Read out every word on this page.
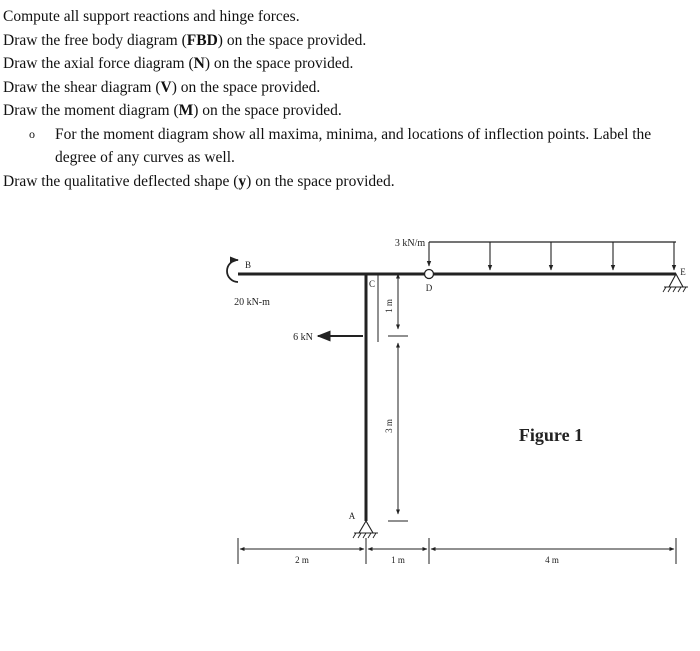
Compute all support reactions and hinge forces.
Draw the free body diagram (FBD) on the space provided.
Draw the axial force diagram (N) on the space provided.
Draw the shear diagram (V) on the space provided.
Draw the moment diagram (M) on the space provided.
o For the moment diagram show all maxima, minima, and locations of inflection points. Label the
degree of any curves as well.
Draw the qualitative deflected shape (y) on the space provided.
3 kN/m
20 kN-m
6 kN
B
C	D
E
A
1 m
3 m
2 m	1 m	4 m
Figure 1
